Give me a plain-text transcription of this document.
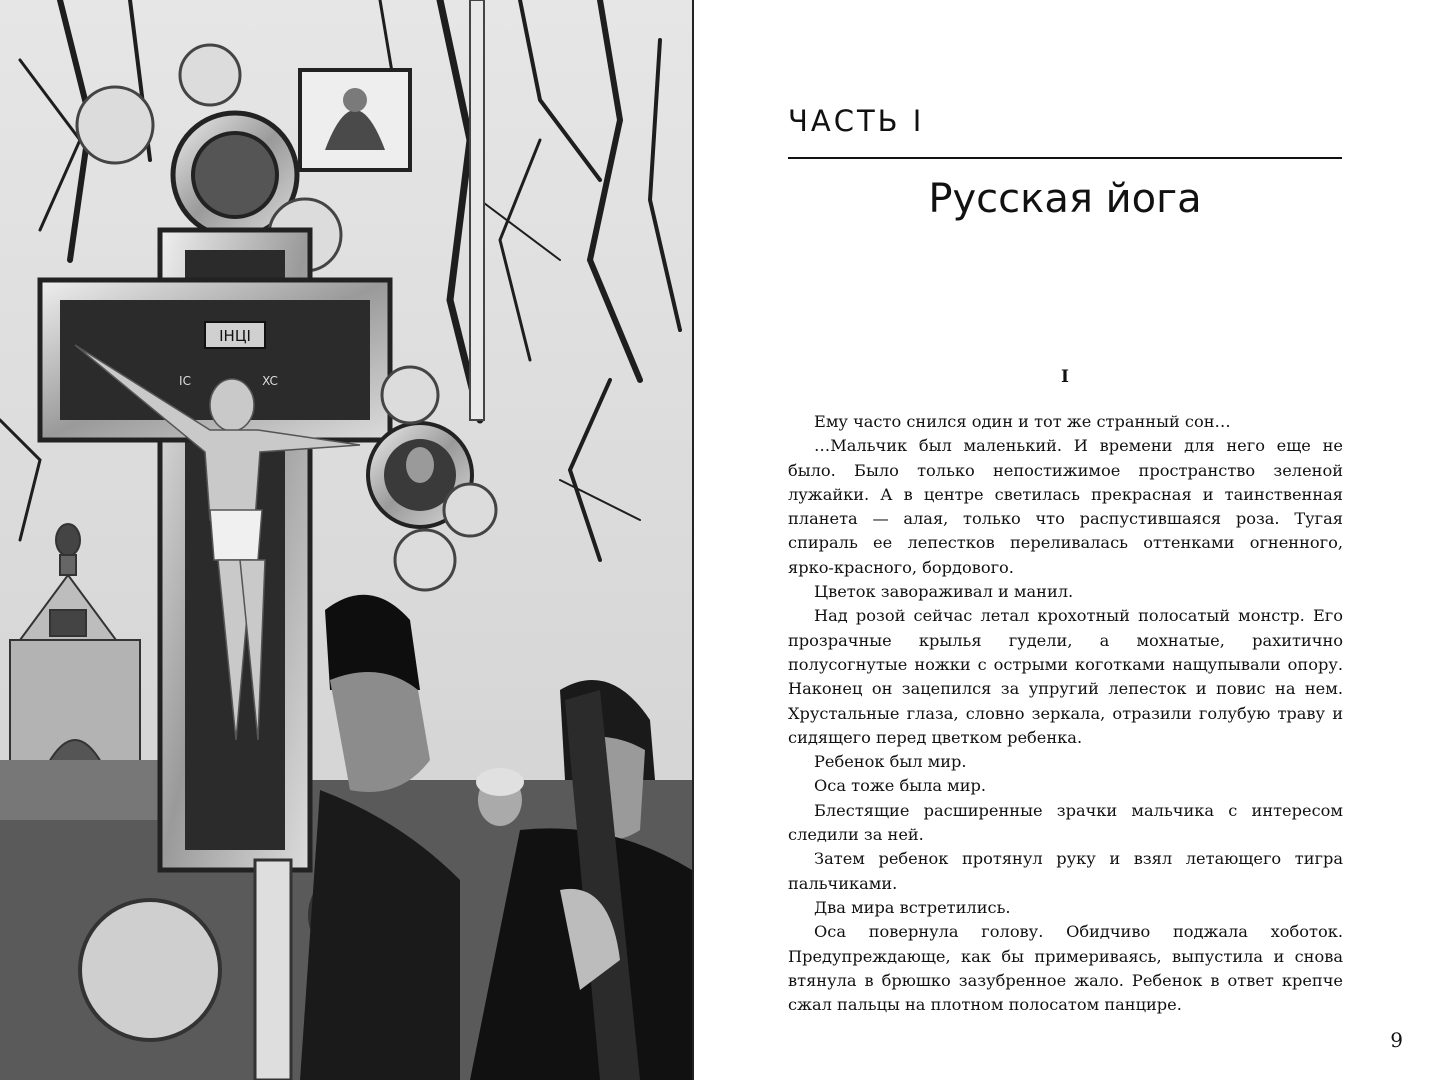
ІНЦІ
IC	XC
ЧАСТЬ I
Русская йога
I

Ему часто снился один и тот же странный сон…

…Мальчик был маленький. И времени для него еще не было. Было только непостижимое пространство зеленой лужайки. А в центре светилась прекрасная и таинственная планета — алая, только что распустившаяся роза. Тугая спираль ее лепестков переливалась оттенками огненного, ярко-красного, бордового.

Цветок завораживал и манил.

Над розой сейчас летал крохотный полосатый монстр. Его прозрачные крылья гудели, а мохнатые, рахитично полусогнутые ножки с острыми коготками нащупывали опору. Наконец он зацепился за упругий лепесток и повис на нем. Хрустальные глаза, словно зеркала, отразили голубую траву и сидящего перед цветком ребенка.

Ребенок был мир.

Оса тоже была мир.

Блестящие расширенные зрачки мальчика с интересом следили за ней.

Затем ребенок протянул руку и взял летающего тигра пальчиками.

Два мира встретились.

Оса повернула голову. Обидчиво поджала хоботок. Предупреждающе, как бы примериваясь, выпустила и снова втянула в брюшко зазубренное жало. Ребенок в ответ крепче сжал пальцы на плотном полосатом панцире.

9
